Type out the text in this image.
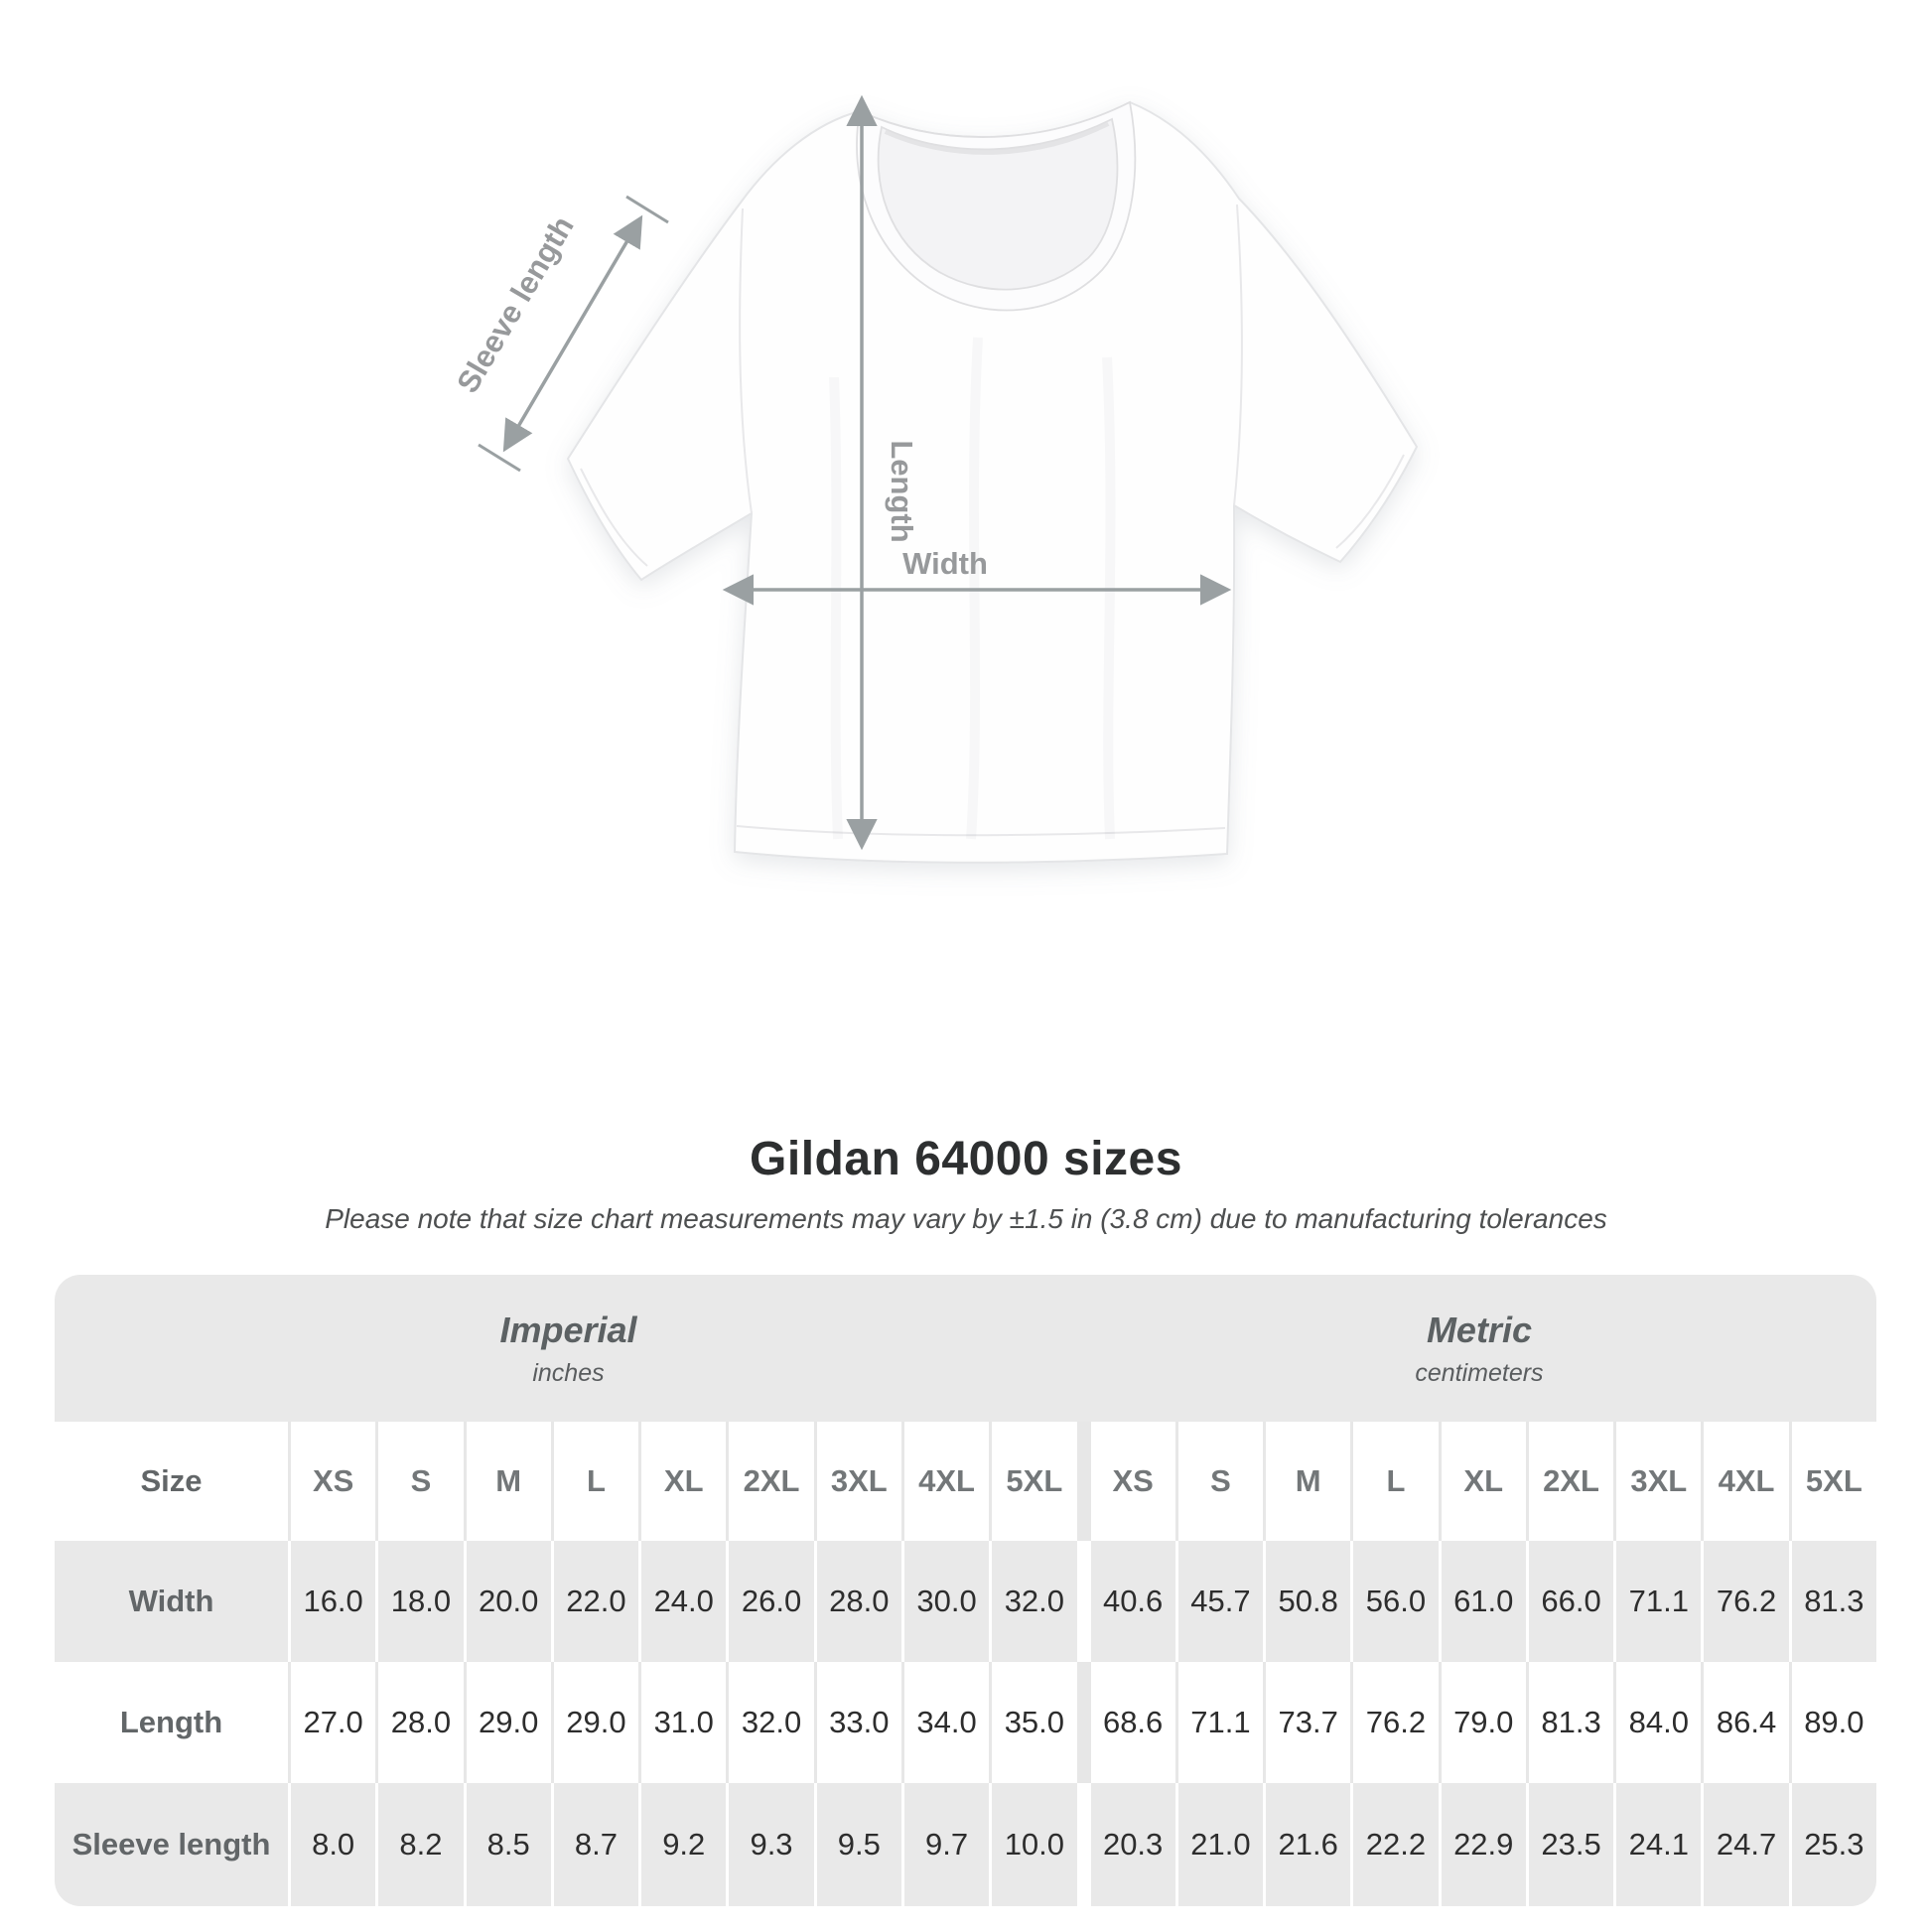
Width
Length
Sleeve length
Gildan 64000 sizes
Please note that size chart measurements may vary by ±1.5 in (3.8 cm) due to manufacturing tolerances
Imperial
inches
Metric
centimeters
Size	XS	S	M	L	XL	2XL	3XL	4XL	5XL	XS	S	M	L	XL	2XL	3XL	4XL	5XL
Width	16.0 18.0 20.0 22.0 24.0 26.0 28.0 30.0 32.0	40.6 45.7 50.8 56.0 61.0 66.0 71.1 76.2 81.3
Length	27.0 28.0 29.0 29.0 31.0 32.0 33.0 34.0 35.0	68.6 71.1 73.7 76.2 79.0 81.3 84.0 86.4 89.0
Sleeve length	8.0	8.2	8.5	8.7	9.2	9.3	9.5	9.7	10.0	20.3 21.0 21.6 22.2 22.9 23.5 24.1 24.7 25.3
